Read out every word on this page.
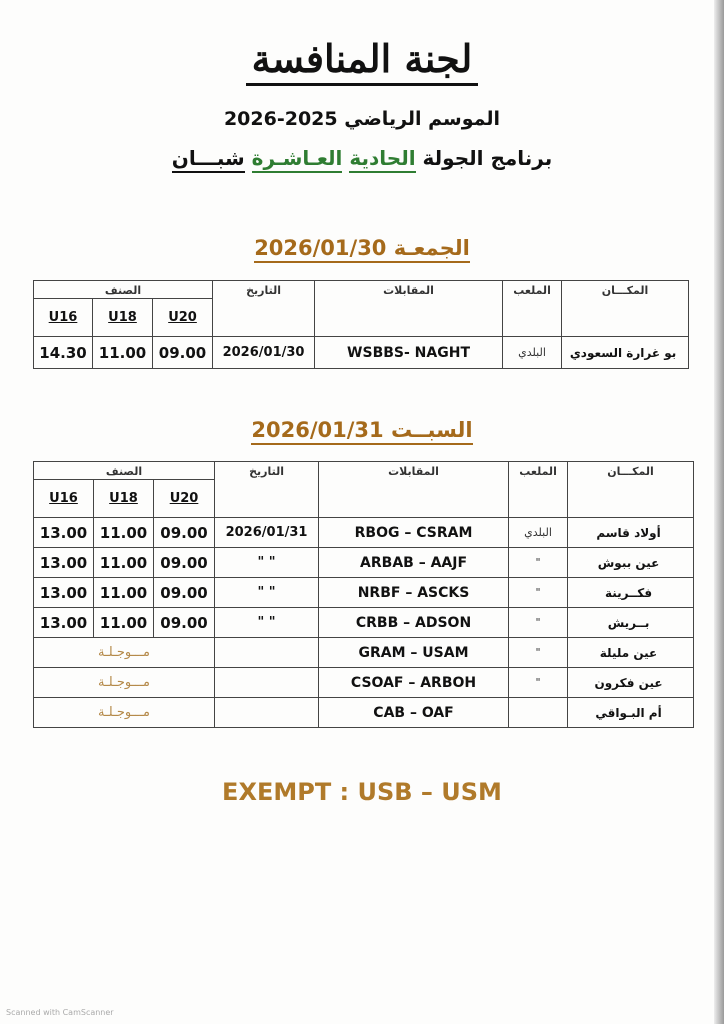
لجنة المنافسة
الموسم الرياضي 2025-2026
برنامج الجولة الحادية العـاشـرة شبـــان
الجمعـة 2026/01/30
الصنف			التاريخ	المقابلات	الملعب	المكـــان
U16	U18	U20				
14.30	11.00	09.00	2026/01/30	WSBBS- NAGHT	البلدي	بو غرارة السعودي
السبــت 2026/01/31
الصنف			التاريخ	المقابلات	الملعب	المكـــان
U16	U18	U20				
13.00	11.00	09.00	2026/01/31	RBOG – CSRAM	البلدي	أولاد قاسم
13.00	11.00	09.00	" "	ARBAB – AAJF	"	عين ببوش
13.00	11.00	09.00	" "	NRBF – ASCKS	"	فكــرينة
13.00	11.00	09.00	" "	CRBB – ADSON	"	بــريش
مـــوجـلـة				GRAM – USAM	"	عين مليلة
مـــوجـلـة				CSOAF – ARBOH	"	عين فكرون
مـــوجـلـة				CAB – OAF		أم البـواقي
EXEMPT : USB – USM
Scanned with CamScanner
